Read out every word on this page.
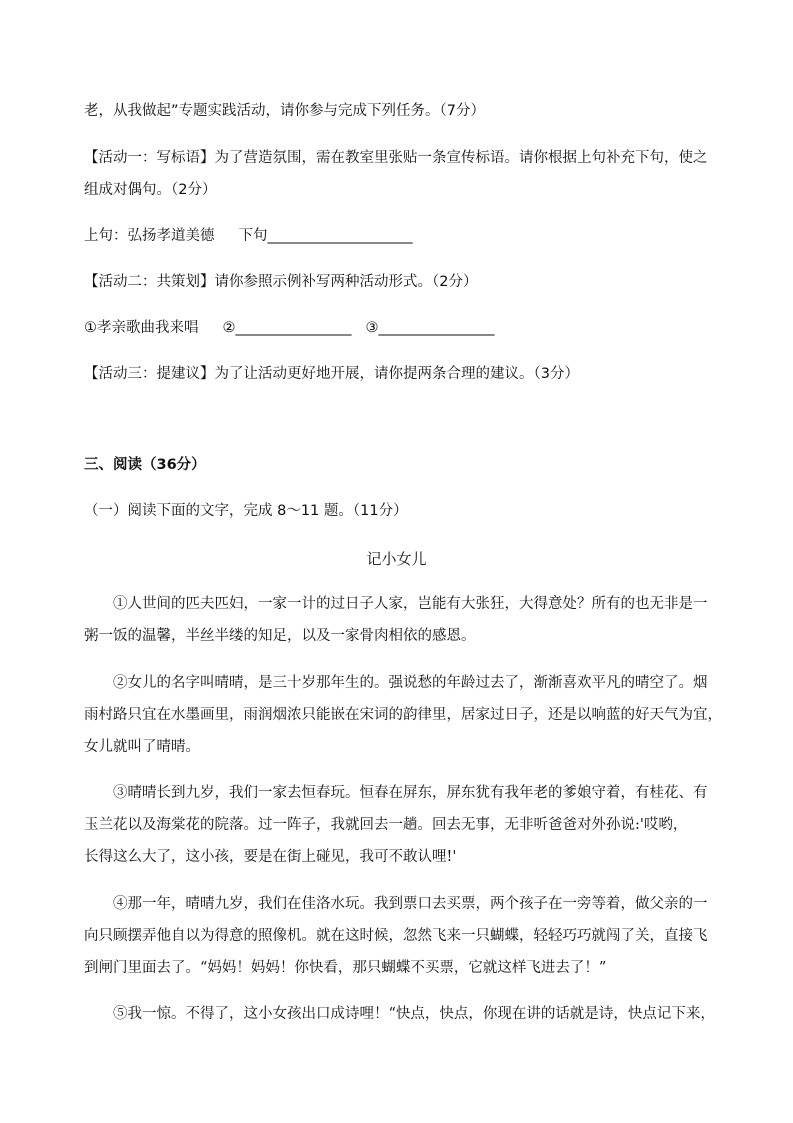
老，从我做起”专题实践活动，请你参与完成下列任务。（7分）
【活动一：写标语】为了营造氛围，需在教室里张贴一条宣传标语。请你根据上句补充下句，使之
组成对偶句。（2分）
上句：弘扬孝道美德 下句____________________
【活动二：共策划】请你参照示例补写两种活动形式。（2分）
①孝亲歌曲我来唱 ②________________ ③________________
【活动三：提建议】为了让活动更好地开展，请你提两条合理的建议。（3分）
三、阅读（36分）
（一）阅读下面的文字，完成 8～11 题。（11分）
记小女儿
①人世间的匹夫匹妇，一家一计的过日子人家，岂能有大张狂，大得意处？所有的也无非是一
粥一饭的温馨，半丝半缕的知足，以及一家骨肉相依的感恩。
②女儿的名字叫晴晴，是三十岁那年生的。强说愁的年龄过去了，渐渐喜欢平凡的晴空了。烟
雨村路只宜在水墨画里，雨润烟浓只能嵌在宋词的韵律里，居家过日子，还是以响蓝的好天气为宜，
女儿就叫了晴晴。
③晴晴长到九岁，我们一家去恒春玩。恒春在屏东，屏东犹有我年老的爹娘守着，有桂花、有
玉兰花以及海棠花的院落。过一阵子，我就回去一趟。回去无事，无非听爸爸对外孙说:'哎哟，
长得这么大了，这小孩，要是在街上碰见，我可不敢认哩!'
④那一年，晴晴九岁，我们在佳洛水玩。我到票口去买票，两个孩子在一旁等着，做父亲的一
向只顾摆弄他自以为得意的照像机。就在这时候，忽然飞来一只蝴蝶，轻轻巧巧就闯了关，直接飞
到闸门里面去了。“妈妈！妈妈！你快看，那只蝴蝶不买票，它就这样飞进去了！”
⑤我一惊。不得了，这小女孩出口成诗哩！“快点，快点，你现在讲的话就是诗，快点记下来，
